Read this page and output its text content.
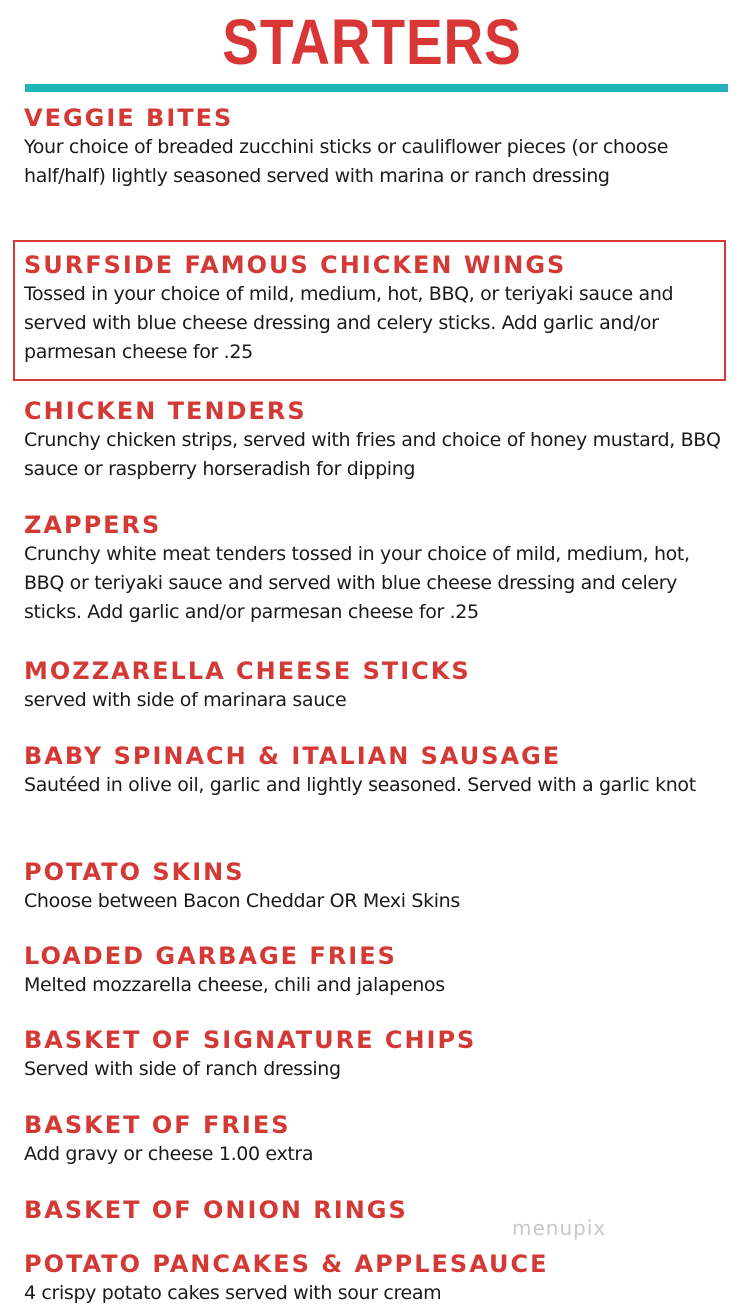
STARTERS

VEGGIE BITES

Your choice of breaded zucchini sticks or cauliflower pieces (or choose half/half) lightly seasoned served with marina or ranch dressing

SURFSIDE FAMOUS CHICKEN WINGS

Tossed in your choice of mild, medium, hot, BBQ, or teriyaki sauce and served with blue cheese dressing and celery sticks. Add garlic and/or parmesan cheese for .25

CHICKEN TENDERS

Crunchy chicken strips, served with fries and choice of honey mustard, BBQ sauce or raspberry horseradish for dipping

ZAPPERS

Crunchy white meat tenders tossed in your choice of mild, medium, hot, BBQ or teriyaki sauce and served with blue cheese dressing and celery sticks. Add garlic and/or parmesan cheese for .25

MOZZARELLA CHEESE STICKS

served with side of marinara sauce

BABY SPINACH & ITALIAN SAUSAGE

Sautéed in olive oil, garlic and lightly seasoned. Served with a garlic knot

POTATO SKINS

Choose between Bacon Cheddar OR Mexi Skins

LOADED GARBAGE FRIES

Melted mozzarella cheese, chili and jalapenos

BASKET OF SIGNATURE CHIPS

Served with side of ranch dressing

BASKET OF FRIES

Add gravy or cheese 1.00 extra

BASKET OF ONION RINGS

POTATO PANCAKES & APPLESAUCE

4 crispy potato cakes served with sour cream

menupix
